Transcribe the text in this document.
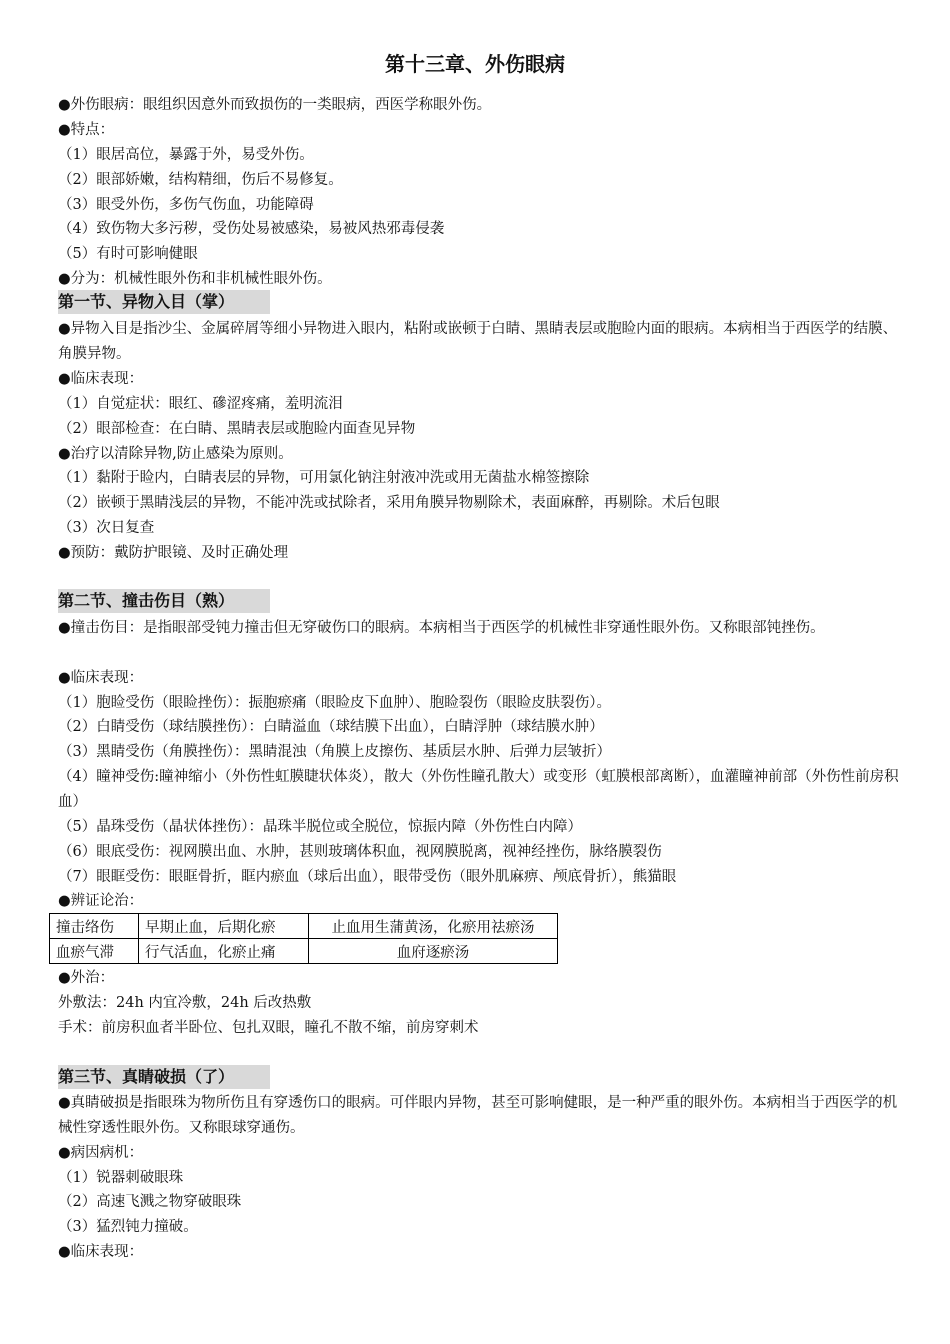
第十三章、外伤眼病
●外伤眼病：眼组织因意外而致损伤的一类眼病，西医学称眼外伤。
●特点：
（1）眼居高位，暴露于外，易受外伤。
（2）眼部娇嫩，结构精细，伤后不易修复。
（3）眼受外伤，多伤气伤血，功能障碍
（4）致伤物大多污秽，受伤处易被感染，易被风热邪毒侵袭
（5）有时可影响健眼
●分为：机械性眼外伤和非机械性眼外伤。
第一节、异物入目（掌）
●异物入目是指沙尘、金属碎屑等细小异物进入眼内，粘附或嵌顿于白睛、黑睛表层或胞睑内面的眼病。本病相当于西医学的结膜、角膜异物。
●临床表现：
（1）自觉症状：眼红、磣涩疼痛，羞明流泪
（2）眼部检查：在白睛、黑睛表层或胞睑内面查见异物
●治疗以清除异物,防止感染为原则。
（1）黏附于睑内，白睛表层的异物，可用氯化钠注射液冲洗或用无菌盐水棉签擦除
（2）嵌顿于黑睛浅层的异物，不能冲洗或拭除者，采用角膜异物剔除术，表面麻醉，再剔除。术后包眼
（3）次日复查
●预防：戴防护眼镜、及时正确处理
第二节、撞击伤目（熟）
●撞击伤目：是指眼部受钝力撞击但无穿破伤口的眼病。本病相当于西医学的机械性非穿通性眼外伤。又称眼部钝挫伤。
●临床表现：
（1）胞睑受伤（眼睑挫伤）：振胞瘀痛（眼睑皮下血肿）、胞睑裂伤（眼睑皮肤裂伤）。
（2）白睛受伤（球结膜挫伤）：白睛溢血（球结膜下出血），白睛浮肿（球结膜水肿）
（3）黑睛受伤（角膜挫伤）：黑睛混浊（角膜上皮擦伤、基质层水肿、后弹力层皱折）
（4）瞳神受伤:瞳神缩小（外伤性虹膜睫状体炎），散大（外伤性瞳孔散大）或变形（虹膜根部离断），血灌瞳神前部（外伤性前房积血）
（5）晶珠受伤（晶状体挫伤）：晶珠半脱位或全脱位，惊振内障（外伤性白内障）
（6）眼底受伤：视网膜出血、水肿，甚则玻璃体积血，视网膜脱离，视神经挫伤，脉络膜裂伤
（7）眼眶受伤：眼眶骨折，眶内瘀血（球后出血），眼带受伤（眼外肌麻痹、颅底骨折），熊猫眼
●辨证论治：
撞击络伤	早期止血，后期化瘀	止血用生蒲黄汤，化瘀用祛瘀汤
血瘀气滞	行气活血，化瘀止痛	血府逐瘀汤
●外治：
外敷法：24h 内宜冷敷，24h 后改热敷
手术：前房积血者半卧位、包扎双眼，瞳孔不散不缩，前房穿刺术
第三节、真睛破损（了）
●真睛破损是指眼珠为物所伤且有穿透伤口的眼病。可伴眼内异物，甚至可影响健眼，是一种严重的眼外伤。本病相当于西医学的机械性穿透性眼外伤。又称眼球穿通伤。
●病因病机：
（1）锐器刺破眼珠
（2）高速飞溅之物穿破眼珠
（3）猛烈钝力撞破。
●临床表现：
